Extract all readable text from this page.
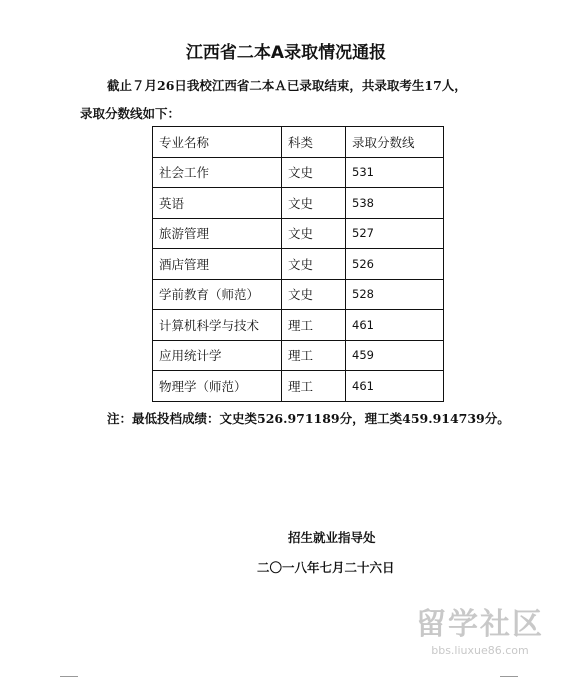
江西省二本A录取情况通报
截止７月26日我校江西省二本Ａ已录取结束，共录取考生17人，
录取分数线如下：
专业名称	科类	录取分数线
社会工作	文史	531
英语	文史	538
旅游管理	文史	527
酒店管理	文史	526
学前教育（师范）	文史	528
计算机科学与技术	理工	461
应用统计学	理工	459
物理学（师范）	理工	461
注：最低投档成绩：文史类526.971189分，理工类459.914739分。
招生就业指导处
二〇一八年七月二十六日
留学社区
bbs.liuxue86.com
